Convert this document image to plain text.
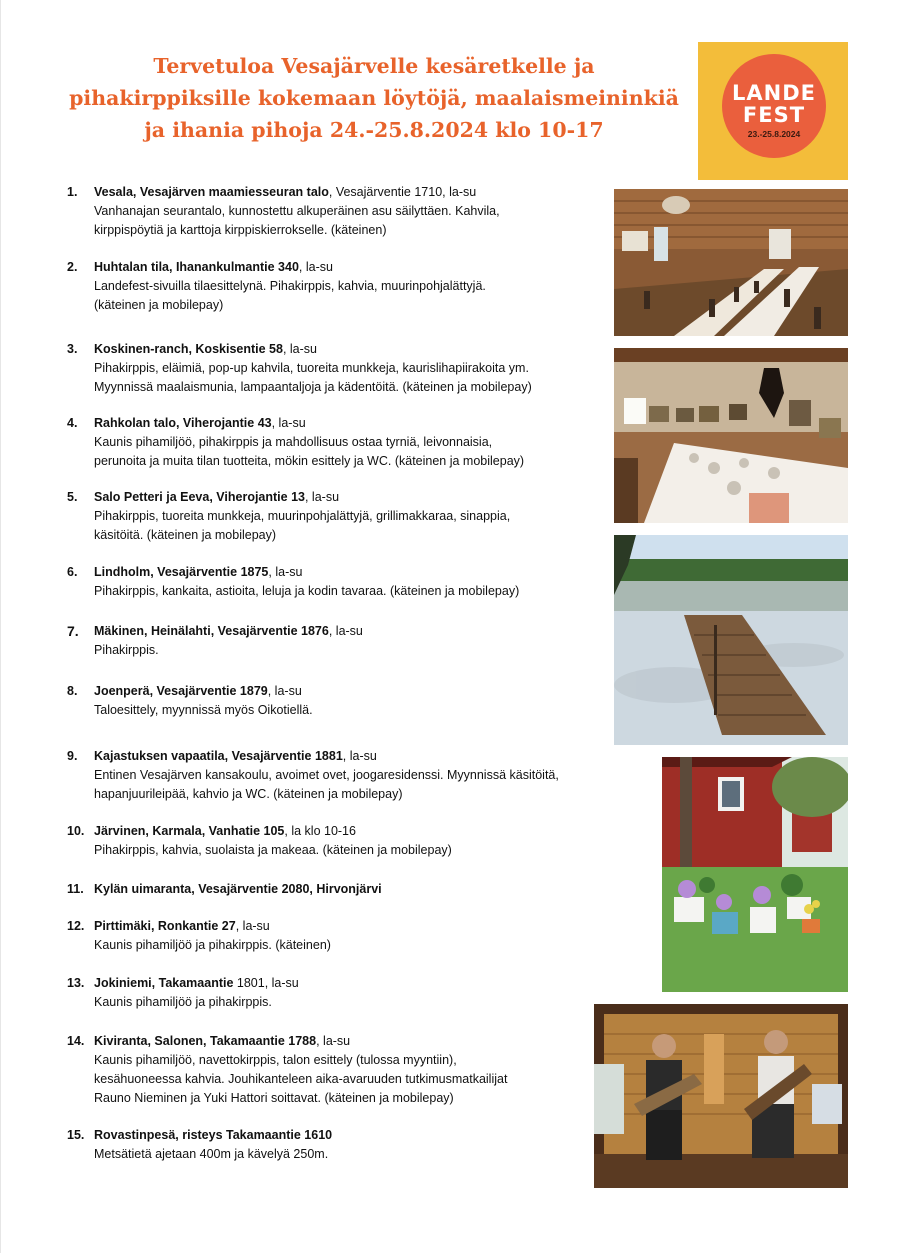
Tervetuloa Vesajärvelle kesäretkelle ja
pihakirppiksille kokemaan löytöjä, maalaismeininkiä
ja ihania pihoja 24.-25.8.2024 klo 10-17
LANDE
FEST
23.-25.8.2024
1. Vesala, Vesajärven maamiesseuran talo, Vesajärventie 1710, la-su
Vanhanajan seurantalo, kunnostettu alkuperäinen asu säilyttäen. Kahvila,
kirppispöytiä ja karttoja kirppiskierrokselle. (käteinen)
2. Huhtalan tila, Ihanankulmantie 340, la-su
Landefest-sivuilla tilaesittelynä. Pihakirppis, kahvia, muurinpohjalättyjä.
(käteinen ja mobilepay)
3. Koskinen-ranch, Koskisentie 58, la-su
Pihakirppis, eläimiä, pop-up kahvila, tuoreita munkkeja, kaurislihapiirakoita ym.
Myynnissä maalaismunia, lampaantaljoja ja kädentöitä. (käteinen ja mobilepay)
4. Rahkolan talo, Viherojantie 43, la-su
Kaunis pihamiljöö, pihakirppis ja mahdollisuus ostaa tyrniä, leivonnaisia,
perunoita ja muita tilan tuotteita, mökin esittely ja WC. (käteinen ja mobilepay)
5. Salo Petteri ja Eeva, Viherojantie 13, la-su
Pihakirppis, tuoreita munkkeja, muurinpohjalättyjä, grillimakkaraa, sinappia,
käsitöitä. (käteinen ja mobilepay)
6. Lindholm, Vesajärventie 1875, la-su
Pihakirppis, kankaita, astioita, leluja ja kodin tavaraa. (käteinen ja mobilepay)
7. Mäkinen, Heinälahti, Vesajärventie 1876, la-su
Pihakirppis.
8. Joenperä, Vesajärventie 1879, la-su
Taloesittely, myynnissä myös Oikotiellä.
9. Kajastuksen vapaatila, Vesajärventie 1881, la-su
Entinen Vesajärven kansakoulu, avoimet ovet, joogaresidenssi. Myynnissä käsitöitä,
hapanjuurileipää, kahvio ja WC. (käteinen ja mobilepay)
10. Järvinen, Karmala, Vanhatie 105, la klo 10-16
Pihakirppis, kahvia, suolaista ja makeaa. (käteinen ja mobilepay)
11. Kylän uimaranta, Vesajärventie 2080, Hirvonjärvi
12. Pirttimäki, Ronkantie 27, la-su
Kaunis pihamiljöö ja pihakirppis. (käteinen)
13. Jokiniemi, Takamaantie 1801, la-su
Kaunis pihamiljöö ja pihakirppis.
14. Kiviranta, Salonen, Takamaantie 1788, la-su
Kaunis pihamiljöö, navettokirppis, talon esittely (tulossa myyntiin),
kesähuoneessa kahvia. Jouhikanteleen aika-avaruuden tutkimusmatkailijat
Rauno Nieminen ja Yuki Hattori soittavat. (käteinen ja mobilepay)
15. Rovastinpesä, risteys Takamaantie 1610
Metsätietä ajetaan 400m ja kävelyä 250m.
